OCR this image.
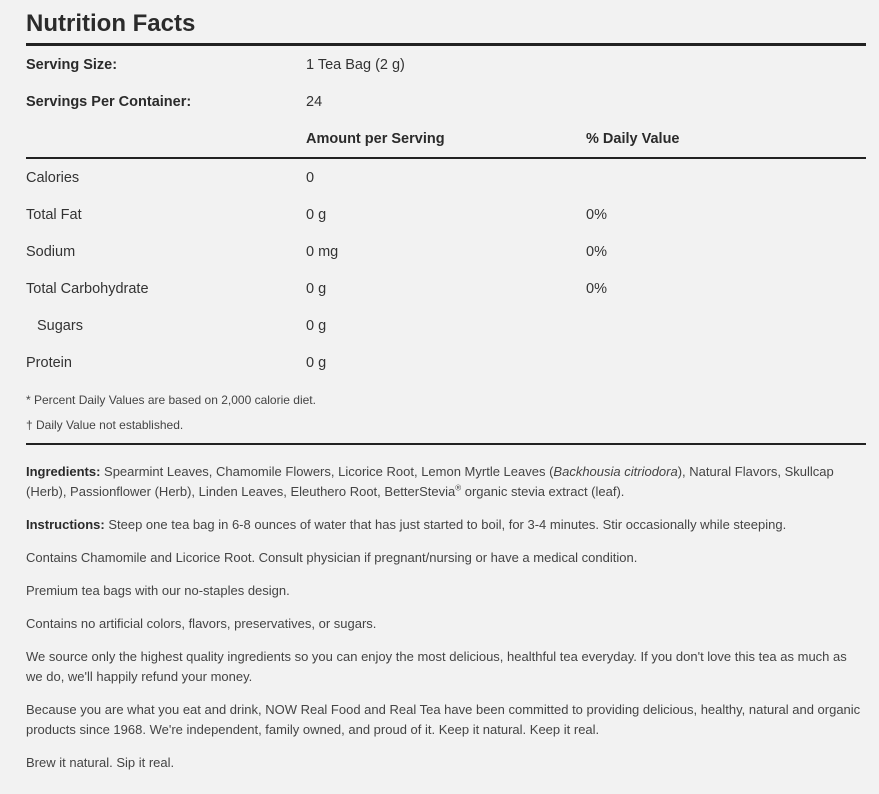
Nutrition Facts
Serving Size:	1 Tea Bag (2 g)
Servings Per Container:	24
Amount per Serving	% Daily Value
Calories	0
Total Fat	0 g	0%
Sodium	0 mg	0%
Total Carbohydrate	0 g	0%
Sugars	0 g
Protein	0 g
* Percent Daily Values are based on 2,000 calorie diet.
† Daily Value not established.
Ingredients: Spearmint Leaves, Chamomile Flowers, Licorice Root, Lemon Myrtle Leaves (Backhousia citriodora), Natural Flavors, Skullcap (Herb), Passionflower (Herb), Linden Leaves, Eleuthero Root, BetterStevia® organic stevia extract (leaf).
Instructions: Steep one tea bag in 6-8 ounces of water that has just started to boil, for 3-4 minutes. Stir occasionally while steeping.
Contains Chamomile and Licorice Root. Consult physician if pregnant/nursing or have a medical condition.
Premium tea bags with our no-staples design.
Contains no artificial colors, flavors, preservatives, or sugars.
We source only the highest quality ingredients so you can enjoy the most delicious, healthful tea everyday. If you don't love this tea as much as we do, we'll happily refund your money.
Because you are what you eat and drink, NOW Real Food and Real Tea have been committed to providing delicious, healthy, natural and organic products since 1968. We're independent, family owned, and proud of it. Keep it natural. Keep it real.
Brew it natural. Sip it real.
